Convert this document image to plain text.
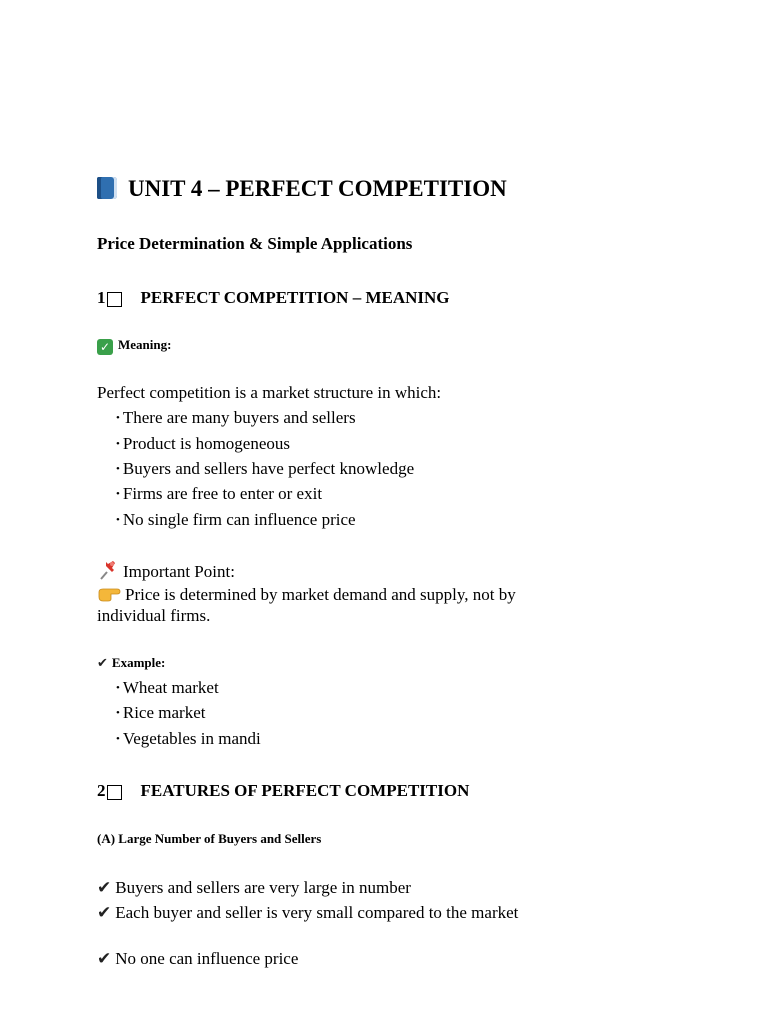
UNIT 4 – PERFECT COMPETITION
Price Determination & Simple Applications
1 PERFECT COMPETITION – MEANING
✓ Meaning:
Perfect competition is a market structure in which:
• There are many buyers and sellers
• Product is homogeneous
• Buyers and sellers have perfect knowledge
• Firms are free to enter or exit
• No single firm can influence price
Important Point:
Price is determined by market demand and supply, not by individual firms.
✔ Example:
• Wheat market
• Rice market
• Vegetables in mandi
2 FEATURES OF PERFECT COMPETITION
(A) Large Number of Buyers and Sellers
✔ Buyers and sellers are very large in number
✔ Each buyer and seller is very small compared to the market
✔ No one can influence price
